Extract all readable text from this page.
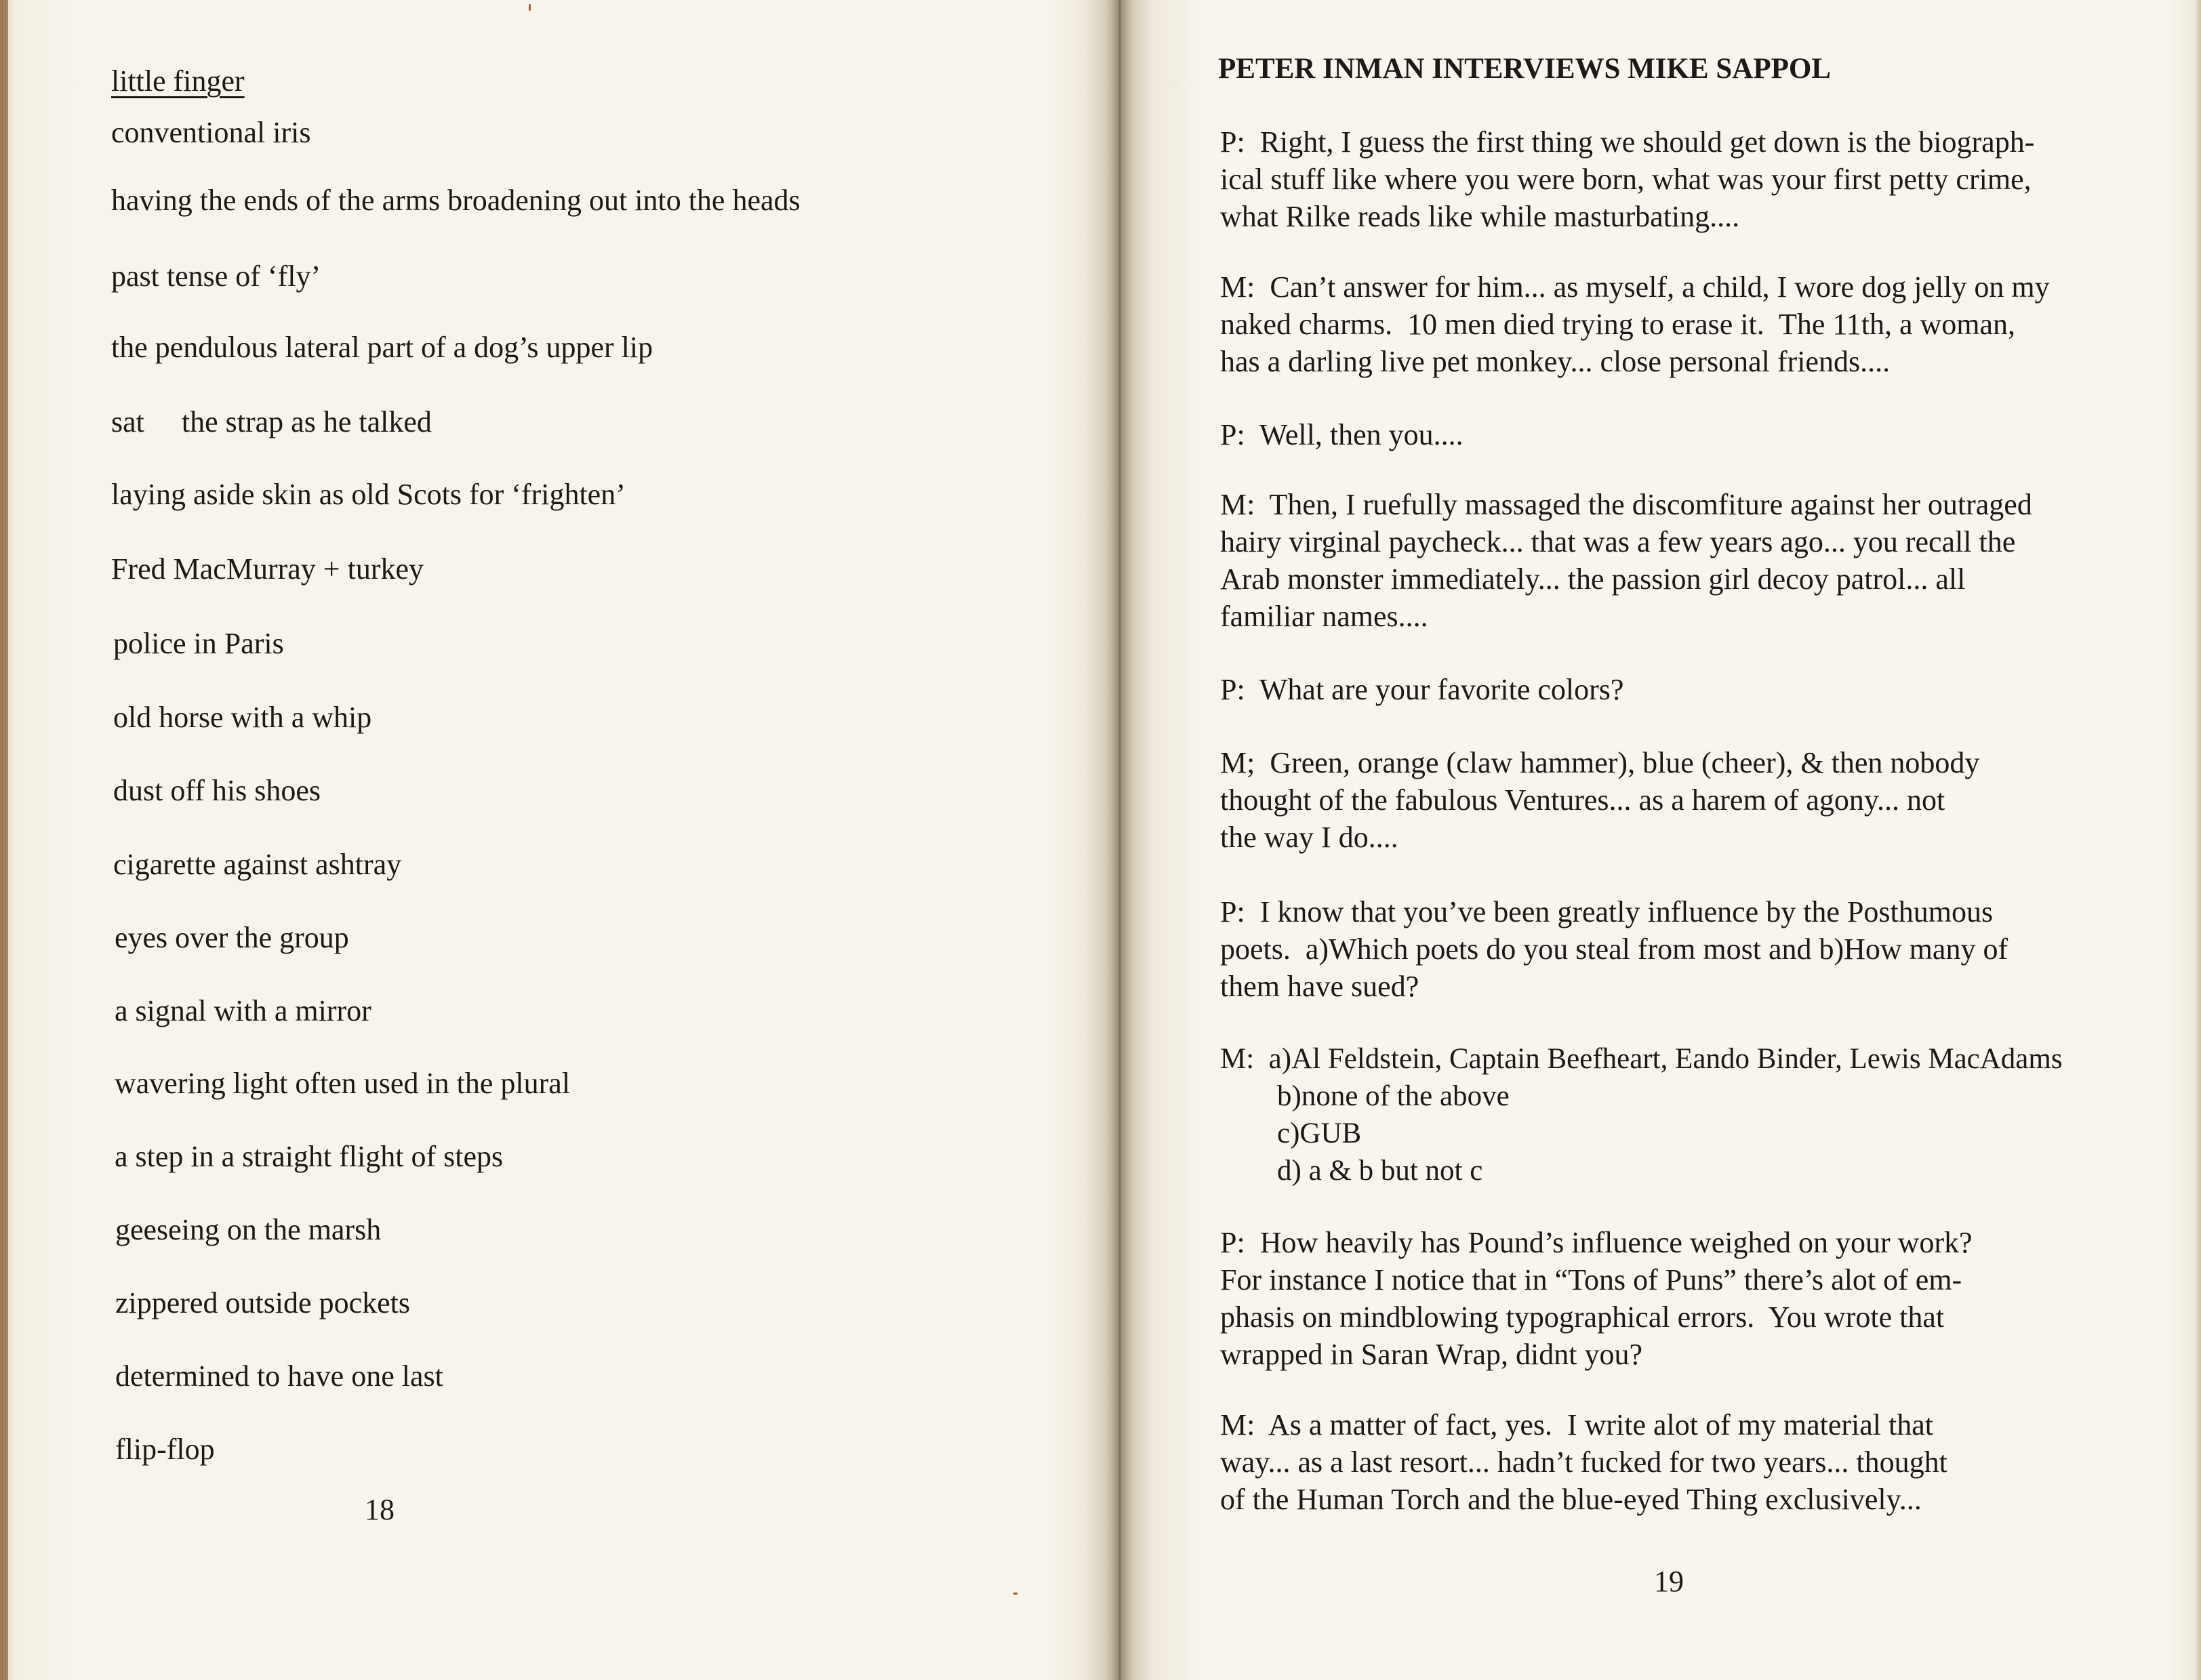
little finger
conventional iris
having the ends of the arms broadening out into the heads
past tense of ‘fly’
the pendulous lateral part of a dog’s upper lip
sat     the strap as he talked
laying aside skin as old Scots for ‘frighten’
Fred MacMurray + turkey
police in Paris
old horse with a whip
dust off his shoes
cigarette against ashtray
eyes over the group
a signal with a mirror
wavering light often used in the plural
a step in a straight flight of steps
geeseing on the marsh
zippered outside pockets
determined to have one last
flip-flop
18
PETER INMAN INTERVIEWS MIKE SAPPOL
P:  Right, I guess the first thing we should get down is the biograph-
ical stuff like where you were born, what was your first petty crime,
what Rilke reads like while masturbating....
M:  Can’t answer for him... as myself, a child, I wore dog jelly on my
naked charms.  10 men died trying to erase it.  The 11th, a woman,
has a darling live pet monkey... close personal friends....
P:  Well, then you....
M:  Then, I ruefully massaged the discomfiture against her outraged
hairy virginal paycheck... that was a few years ago... you recall the
Arab monster immediately... the passion girl decoy patrol... all
familiar names....
P:  What are your favorite colors?
M;  Green, orange (claw hammer), blue (cheer), & then nobody
thought of the fabulous Ventures... as a harem of agony... not
the way I do....
P:  I know that you’ve been greatly influence by the Posthumous
poets.  a)Which poets do you steal from most and b)How many of
them have sued?
M:  a)Al Feldstein, Captain Beefheart, Eando Binder, Lewis MacAdams
b)none of the above
c)GUB
d) a & b but not c
P:  How heavily has Pound’s influence weighed on your work?
For instance I notice that in “Tons of Puns” there’s alot of em-
phasis on mindblowing typographical errors.  You wrote that
wrapped in Saran Wrap, didnt you?
M:  As a matter of fact, yes.  I write alot of my material that
way... as a last resort... hadn’t fucked for two years... thought
of the Human Torch and the blue-eyed Thing exclusively...
19
